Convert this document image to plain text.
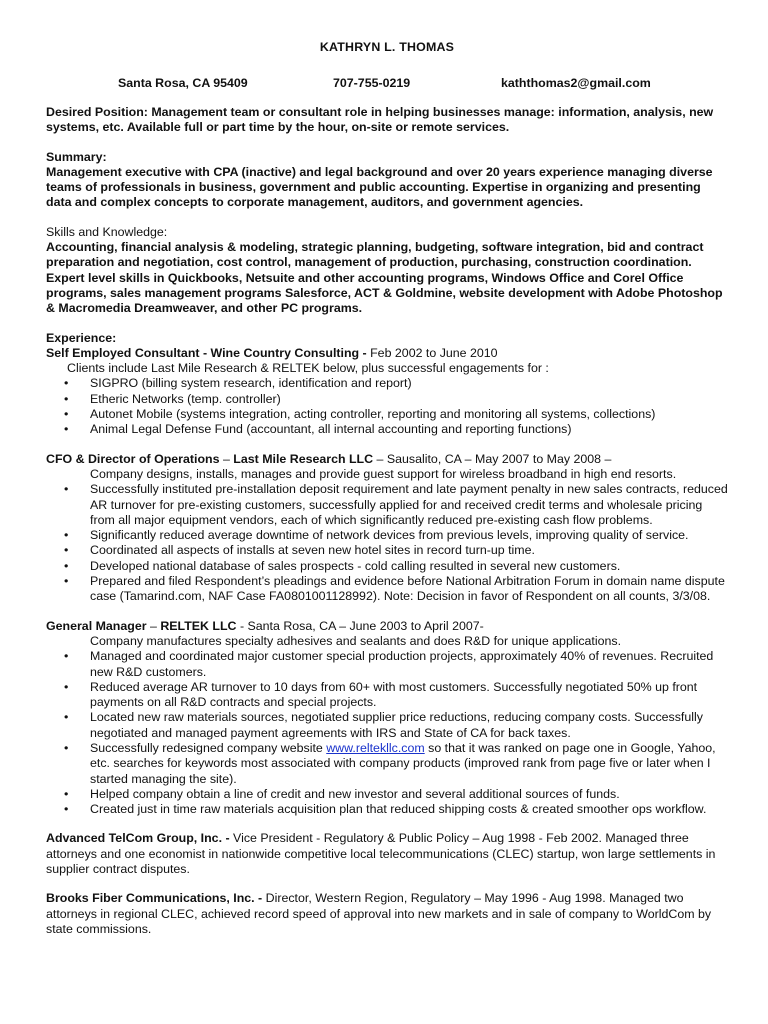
KATHRYN L. THOMAS
Santa Rosa, CA 95409	707-755-0219	kaththomas2@gmail.com

Desired Position: Management team or consultant role in helping businesses manage: information, analysis, new systems, etc. Available full or part time by the hour, on-site or remote services.

Summary:

Management executive with CPA (inactive) and legal background and over 20 years experience managing diverse teams of professionals in business, government and public accounting. Expertise in organizing and presenting data and complex concepts to corporate management, auditors, and government agencies.

Skills and Knowledge:

Accounting, financial analysis & modeling, strategic planning, budgeting, software integration, bid and contract preparation and negotiation, cost control, management of production, purchasing, construction coordination. Expert level skills in Quickbooks, Netsuite and other accounting programs, Windows Office and Corel Office programs, sales management programs Salesforce, ACT & Goldmine, website development with Adobe Photoshop & Macromedia Dreamweaver, and other PC programs.

Experience:

Self Employed Consultant - Wine Country Consulting - Feb 2002 to June 2010

Clients include Last Mile Research & RELTEK below, plus successful engagements for :

• SIGPRO (billing system research, identification and report)
• Etheric Networks (temp. controller)
• Autonet Mobile (systems integration, acting controller, reporting and monitoring all systems, collections)
• Animal Legal Defense Fund (accountant, all internal accounting and reporting functions)

CFO & Director of Operations – Last Mile Research LLC – Sausalito, CA – May 2007 to May 2008 –

Company designs, installs, manages and provide guest support for wireless broadband in high end resorts.

• Successfully instituted pre-installation deposit requirement and late payment penalty in new sales contracts, reduced AR turnover for pre-existing customers, successfully applied for and received credit terms and wholesale pricing from all major equipment vendors, each of which significantly reduced pre-existing cash flow problems.
• Significantly reduced average downtime of network devices from previous levels, improving quality of service.
• Coordinated all aspects of installs at seven new hotel sites in record turn-up time.
• Developed national database of sales prospects - cold calling resulted in several new customers.
• Prepared and filed Respondent’s pleadings and evidence before National Arbitration Forum in domain name dispute case (Tamarind.com, NAF Case FA0801001128992). Note: Decision in favor of Respondent on all counts, 3/3/08.

General Manager – RELTEK LLC - Santa Rosa, CA – June 2003 to April 2007-

Company manufactures specialty adhesives and sealants and does R&D for unique applications.

• Managed and coordinated major customer special production projects, approximately 40% of revenues. Recruited new R&D customers.
• Reduced average AR turnover to 10 days from 60+ with most customers. Successfully negotiated 50% up front payments on all R&D contracts and special projects.
• Located new raw materials sources, negotiated supplier price reductions, reducing company costs. Successfully negotiated and managed payment agreements with IRS and State of CA for back taxes.
• Successfully redesigned company website www.reltekllc.com so that it was ranked on page one in Google, Yahoo, etc. searches for keywords most associated with company products (improved rank from page five or later when I started managing the site).
• Helped company obtain a line of credit and new investor and several additional sources of funds.
• Created just in time raw materials acquisition plan that reduced shipping costs & created smoother ops workflow.

Advanced TelCom Group, Inc. - Vice President - Regulatory & Public Policy – Aug 1998 - Feb 2002. Managed three attorneys and one economist in nationwide competitive local telecommunications (CLEC) startup, won large settlements in supplier contract disputes.

Brooks Fiber Communications, Inc. - Director, Western Region, Regulatory – May 1996 - Aug 1998. Managed two attorneys in regional CLEC, achieved record speed of approval into new markets and in sale of company to WorldCom by state commissions.
